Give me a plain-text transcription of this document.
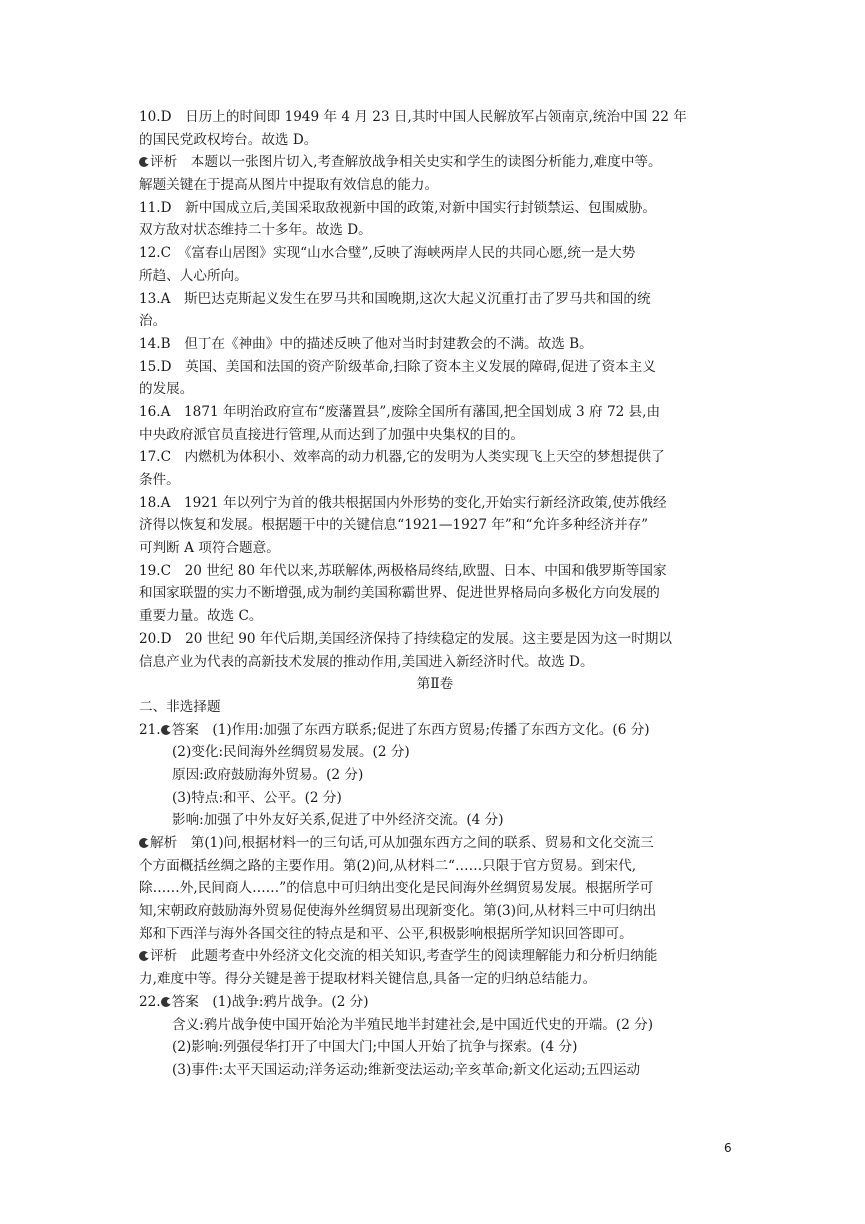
10.D　日历上的时间即 1949 年 4 月 23 日,其时中国人民解放军占领南京,统治中国 22 年
的国民党政权垮台。故选 D。
评析　本题以一张图片切入,考查解放战争相关史实和学生的读图分析能力,难度中等。
解题关键在于提高从图片中提取有效信息的能力。
11.D　新中国成立后,美国采取敌视新中国的政策,对新中国实行封锁禁运、包围威胁。
双方敌对状态维持二十多年。故选 D。
12.C　《富春山居图》实现“山水合璧”,反映了海峡两岸人民的共同心愿,统一是大势
所趋、人心所向。
13.A　斯巴达克斯起义发生在罗马共和国晚期,这次大起义沉重打击了罗马共和国的统
治。
14.B　但丁在《神曲》中的描述反映了他对当时封建教会的不满。故选 B。
15.D　英国、美国和法国的资产阶级革命,扫除了资本主义发展的障碍,促进了资本主义
的发展。
16.A　1871 年明治政府宣布“废藩置县”,废除全国所有藩国,把全国划成 3 府 72 县,由
中央政府派官员直接进行管理,从而达到了加强中央集权的目的。
17.C　内燃机为体积小、效率高的动力机器,它的发明为人类实现飞上天空的梦想提供了
条件。
18.A　1921 年以列宁为首的俄共根据国内外形势的变化,开始实行新经济政策,使苏俄经
济得以恢复和发展。根据题干中的关键信息“1921—1927 年”和“允许多种经济并存”
可判断 A 项符合题意。
19.C　20 世纪 80 年代以来,苏联解体,两极格局终结,欧盟、日本、中国和俄罗斯等国家
和国家联盟的实力不断增强,成为制约美国称霸世界、促进世界格局向多极化方向发展的
重要力量。故选 C。
20.D　20 世纪 90 年代后期,美国经济保持了持续稳定的发展。这主要是因为这一时期以
信息产业为代表的高新技术发展的推动作用,美国进入新经济时代。故选 D。
第Ⅱ卷
二、非选择题
21. 答案　(1)作用:加强了东西方联系;促进了东西方贸易;传播了东西方文化。(6 分)
(2)变化:民间海外丝绸贸易发展。(2 分)
原因:政府鼓励海外贸易。(2 分)
(3)特点:和平、公平。(2 分)
影响:加强了中外友好关系,促进了中外经济交流。(4 分)
解析　第(1)问,根据材料一的三句话,可从加强东西方之间的联系、贸易和文化交流三
个方面概括丝绸之路的主要作用。第(2)问,从材料二“……只限于官方贸易。到宋代,
除……外,民间商人……”的信息中可归纳出变化是民间海外丝绸贸易发展。根据所学可
知,宋朝政府鼓励海外贸易促使海外丝绸贸易出现新变化。第(3)问,从材料三中可归纳出
郑和下西洋与海外各国交往的特点是和平、公平,积极影响根据所学知识回答即可。
评析　此题考查中外经济文化交流的相关知识,考查学生的阅读理解能力和分析归纳能
力,难度中等。得分关键是善于提取材料关键信息,具备一定的归纳总结能力。
22. 答案　(1)战争:鸦片战争。(2 分)
含义:鸦片战争使中国开始沦为半殖民地半封建社会,是中国近代史的开端。(2 分)
(2)影响:列强侵华打开了中国大门;中国人开始了抗争与探索。(4 分)
(3)事件:太平天国运动;洋务运动;维新变法运动;辛亥革命;新文化运动;五四运动
6
